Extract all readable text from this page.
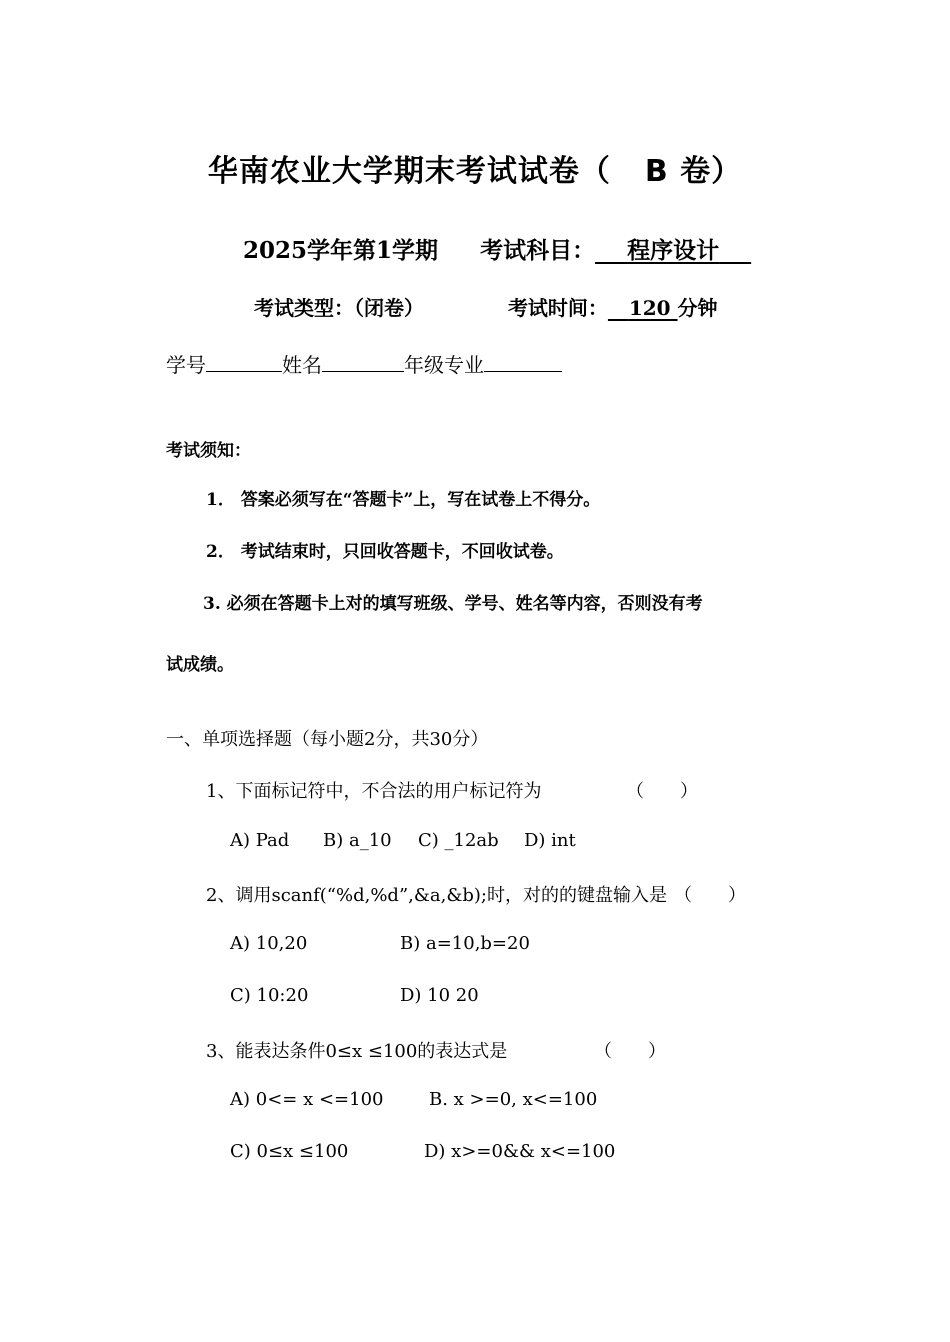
华南农业大学期末考试试卷（ B 卷）
2025学年第1学期 考试科目： 程序设计
考试类型：（闭卷）	考试时间： 120 分钟
学号	姓名	年级专业
考试须知：
1． 答案必须写在“答题卡”上，写在试卷上不得分。
2． 考试结束时，只回收答题卡，不回收试卷。
3. 必须在答题卡上对的填写班级、学号、姓名等内容，否则没有考
试成绩。
一、单项选择题（每小题2分，共30分）
1、下面标记符中，不合法的用户标记符为	（　　）
A) Pad B) a_10 C) _12ab D) int
2、调用scanf(“%d,%d”,&a,&b);时，对的的键盘输入是 （　　）
A) 10,20	B) a=10,b=20
C) 10:20	D) 10 20
3、能表达条件0≤x ≤100的表达式是	（　　）
A) 0<= x <=100	B. x >=0, x<=100
C) 0≤x ≤100	D) x>=0&& x<=100
